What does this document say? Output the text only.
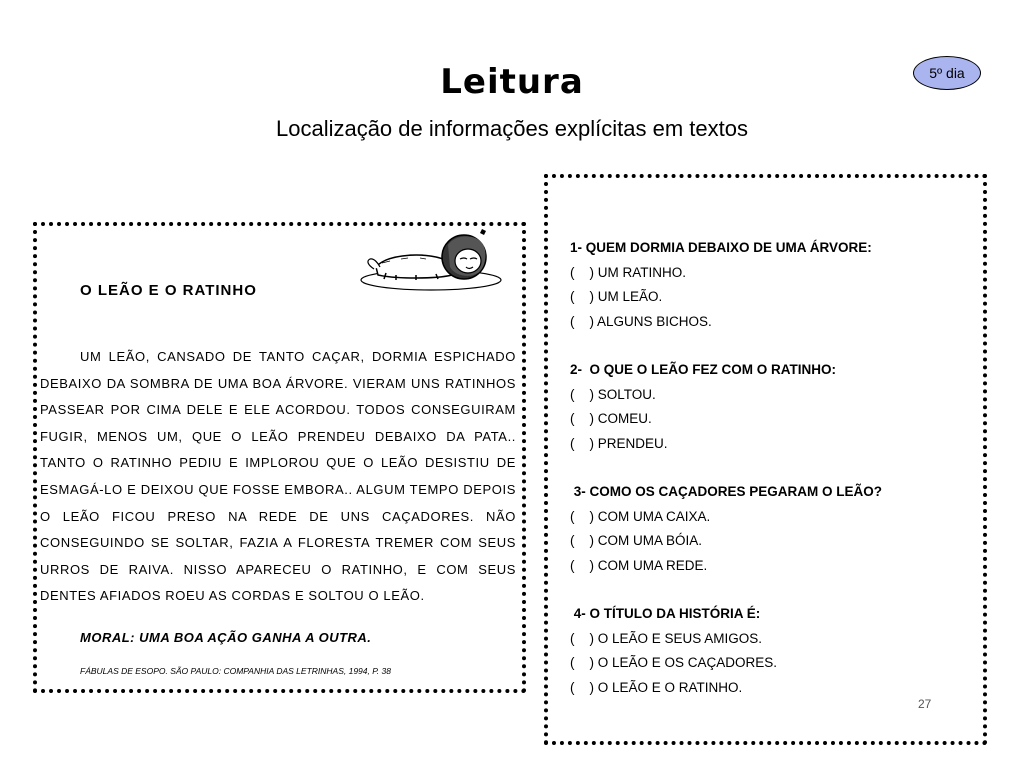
5º dia
Leitura
Localização de informações explícitas em textos
O LEÃO E O RATINHO

UM LEÃO, CANSADO DE TANTO CAÇAR, DORMIA ESPICHADO DEBAIXO DA SOMBRA DE UMA BOA ÁRVORE. VIERAM UNS RATINHOS PASSEAR POR CIMA DELE E ELE ACORDOU. TODOS CONSEGUIRAM FUGIR, MENOS UM, QUE O LEÃO PRENDEU DEBAIXO DA PATA.. TANTO O RATINHO PEDIU E IMPLOROU QUE O LEÃO DESISTIU DE ESMAGÁ-LO E DEIXOU QUE FOSSE EMBORA.. ALGUM TEMPO DEPOIS O LEÃO FICOU PRESO NA REDE DE UNS CAÇADORES. NÃO CONSEGUINDO SE SOLTAR, FAZIA A FLORESTA TREMER COM SEUS URROS DE RAIVA. NISSO APARECEU O RATINHO, E COM SEUS DENTES AFIADOS ROEU AS CORDAS E SOLTOU O LEÃO.

MORAL: UMA BOA AÇÃO GANHA A OUTRA.
FÁBULAS DE ESOPO. SÃO PAULO: COMPANHIA DAS LETRINHAS, 1994, P. 38
1- QUEM DORMIA DEBAIXO DE UMA ÁRVORE:
(    ) UM RATINHO.
(    ) UM LEÃO.
(    ) ALGUNS BICHOS.
2-  O QUE O LEÃO FEZ COM O RATINHO:
(    ) SOLTOU.
(    ) COMEU.
(    ) PRENDEU.
3- COMO OS CAÇADORES PEGARAM O LEÃO?
(    ) COM UMA CAIXA.
(    ) COM UMA BÓIA.
(    ) COM UMA REDE.
4- O TÍTULO DA HISTÓRIA É:
(    ) O LEÃO E SEUS AMIGOS.
(    ) O LEÃO E OS CAÇADORES.
(    ) O LEÃO E O RATINHO.
27
